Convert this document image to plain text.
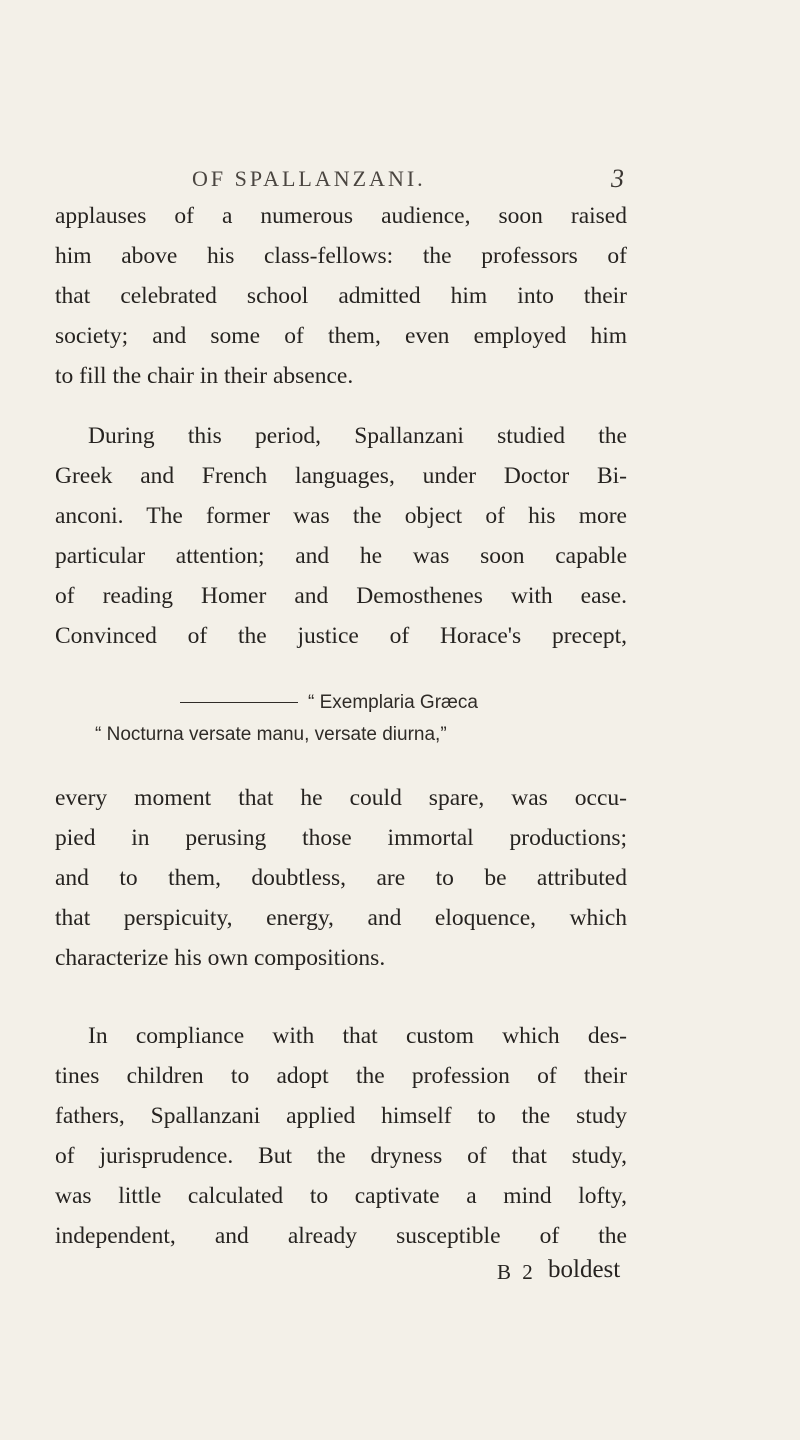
OF SPALLANZANI.	3
applauses of a numerous audience, soon raised
him above his class-fellows: the professors of
that celebrated school admitted him into their
society; and some of them, even employed him
to fill the chair in their absence.
During this period, Spallanzani studied the
Greek and French languages, under Doctor Bi-
anconi. The former was the object of his more
particular attention; and he was soon capable
of reading Homer and Demosthenes with ease.
Convinced of the justice of Horace's precept,
“ Exemplaria Græca
“ Nocturna versate manu, versate diurna,”
every moment that he could spare, was occu-
pied in perusing those immortal productions;
and to them, doubtless, are to be attributed
that perspicuity, energy, and eloquence, which
characterize his own compositions.
In compliance with that custom which des-
tines children to adopt the profession of their
fathers, Spallanzani applied himself to the study
of jurisprudence. But the dryness of that study,
was little calculated to captivate a mind lofty,
independent, and already susceptible of the
B 2 boldest
